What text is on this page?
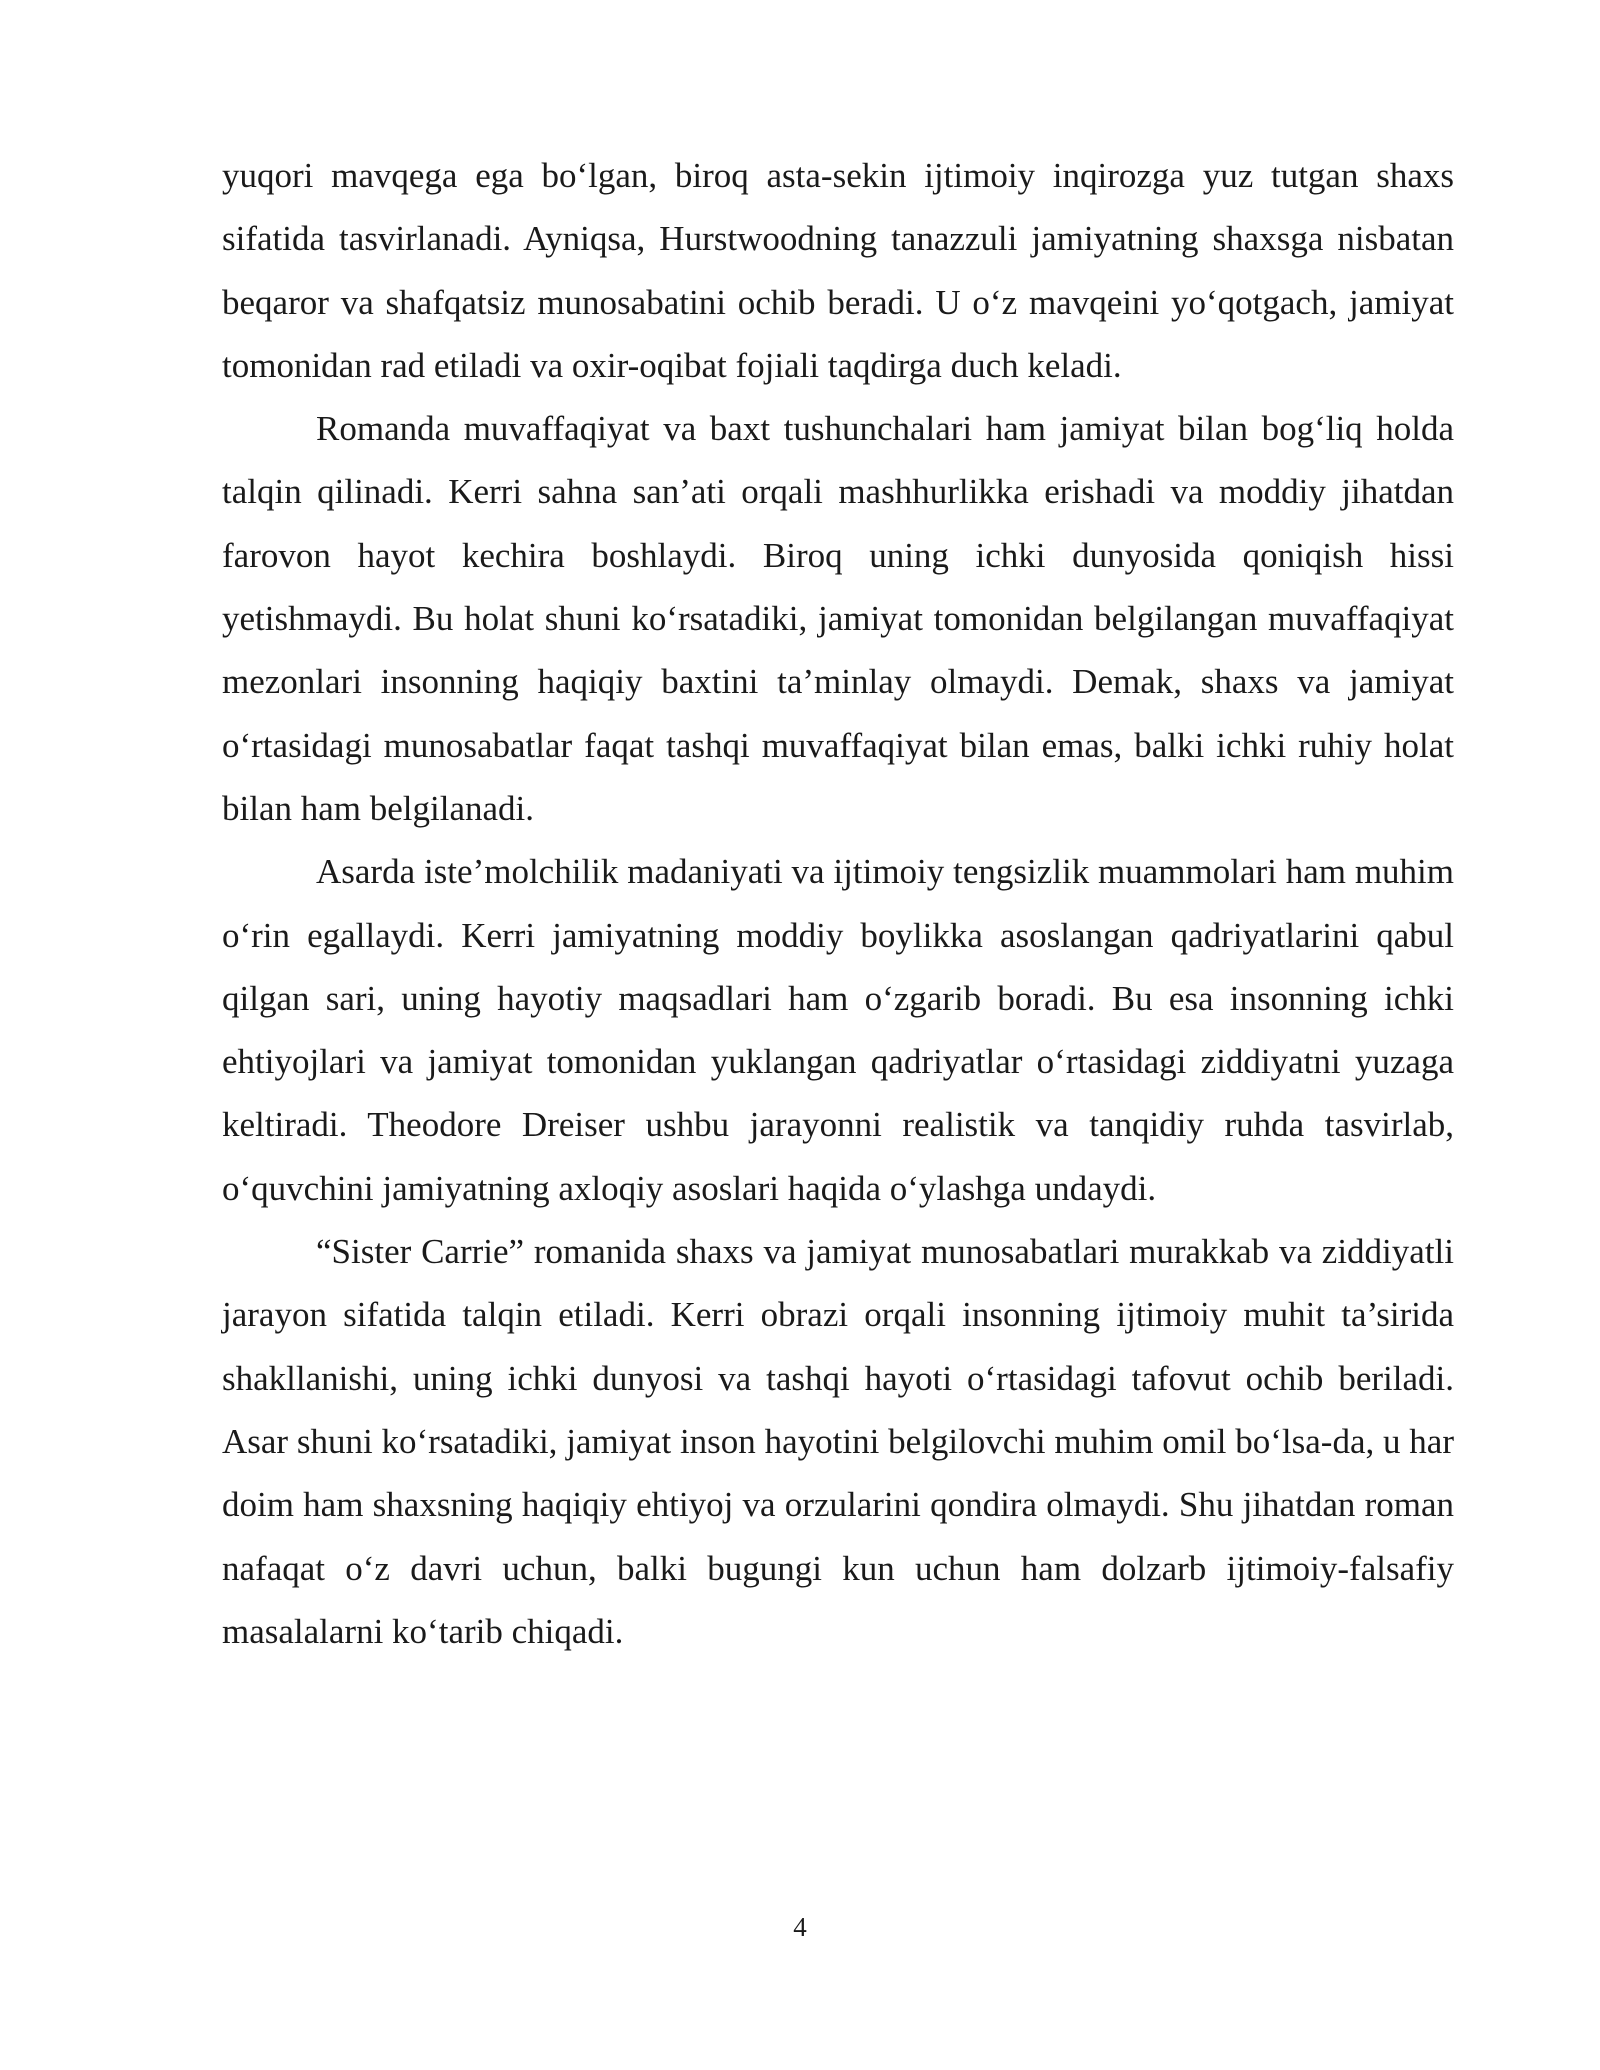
yuqori mavqega ega bo‘lgan, biroq asta-sekin ijtimoiy inqirozga yuz tutgan shaxs sifatida tasvirlanadi. Ayniqsa, Hurstwoodning tanazzuli jamiyatning shaxsga nisbatan beqaror va shafqatsiz munosabatini ochib beradi. U o‘z mavqeini yo‘qotgach, jamiyat tomonidan rad etiladi va oxir-oqibat fojiali taqdirga duch keladi.

Romanda muvaffaqiyat va baxt tushunchalari ham jamiyat bilan bog‘liq holda talqin qilinadi. Kerri sahna san’ati orqali mashhurlikka erishadi va moddiy jihatdan farovon hayot kechira boshlaydi. Biroq uning ichki dunyosida qoniqish hissi yetishmaydi. Bu holat shuni ko‘rsatadiki, jamiyat tomonidan belgilangan muvaffaqiyat mezonlari insonning haqiqiy baxtini ta’minlay olmaydi. Demak, shaxs va jamiyat o‘rtasidagi munosabatlar faqat tashqi muvaffaqiyat bilan emas, balki ichki ruhiy holat bilan ham belgilanadi.

Asarda iste’molchilik madaniyati va ijtimoiy tengsizlik muammolari ham muhim o‘rin egallaydi. Kerri jamiyatning moddiy boylikka asoslangan qadriyatlarini qabul qilgan sari, uning hayotiy maqsadlari ham o‘zgarib boradi. Bu esa insonning ichki ehtiyojlari va jamiyat tomonidan yuklangan qadriyatlar o‘rtasidagi ziddiyatni yuzaga keltiradi. Theodore Dreiser ushbu jarayonni realistik va tanqidiy ruhda tasvirlab, o‘quvchini jamiyatning axloqiy asoslari haqida o‘ylashga undaydi.

“Sister Carrie” romanida shaxs va jamiyat munosabatlari murakkab va ziddiyatli jarayon sifatida talqin etiladi. Kerri obrazi orqali insonning ijtimoiy muhit ta’sirida shakllanishi, uning ichki dunyosi va tashqi hayoti o‘rtasidagi tafovut ochib beriladi. Asar shuni ko‘rsatadiki, jamiyat inson hayotini belgilovchi muhim omil bo‘lsa-da, u har doim ham shaxsning haqiqiy ehtiyoj va orzularini qondira olmaydi. Shu jihatdan roman nafaqat o‘z davri uchun, balki bugungi kun uchun ham dolzarb ijtimoiy-falsafiy masalalarni ko‘tarib chiqadi.

4
